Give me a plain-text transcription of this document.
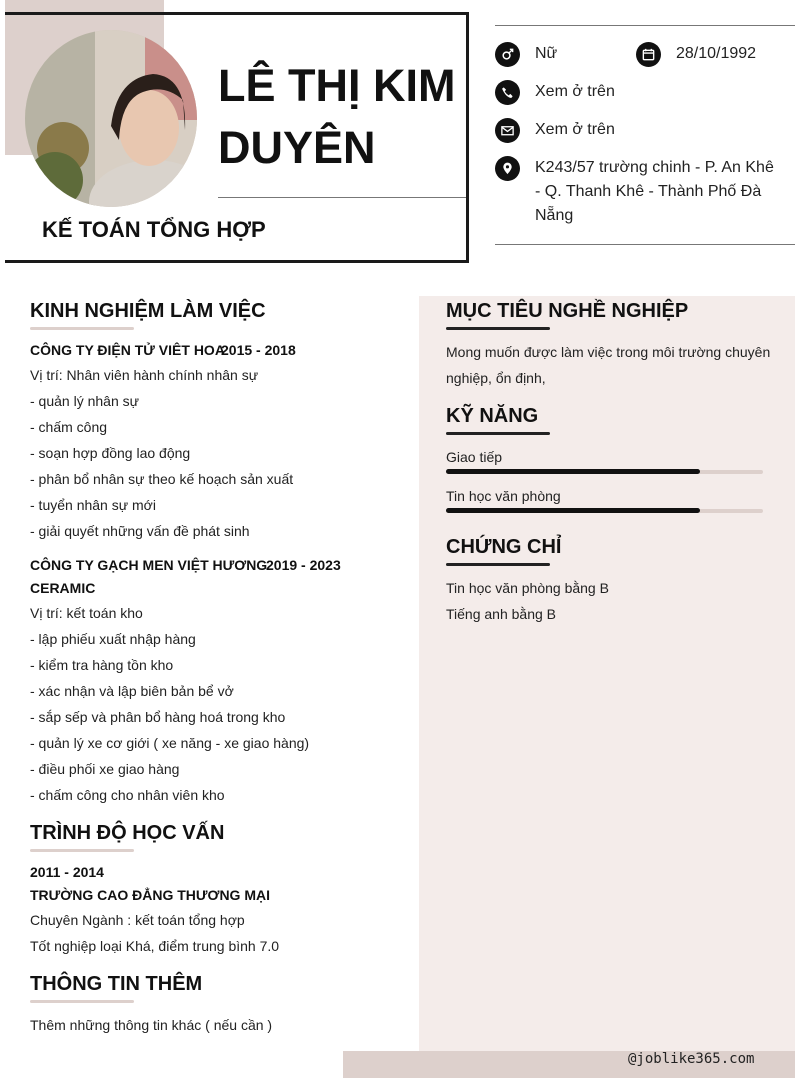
LÊ THỊ KIM DUYÊN
KẾ TOÁN TỔNG HỢP
Nữ	28/10/1992
Xem ở trên
Xem ở trên
K243/57 trường chinh - P. An Khê - Q. Thanh Khê - Thành Phố Đà Nẵng
KINH NGHIỆM LÀM VIỆC
CÔNG TY ĐIỆN TỬ VIÊT HOA
2015 - 2018
Vị trí: Nhân viên hành chính nhân sự
- quản lý nhân sự
- chấm công
- soạn hợp đồng lao động
- phân bổ nhân sự theo kế hoạch sản xuất
- tuyển nhân sự mới
- giải quyết những vấn đề phát sinh
CÔNG TY GẠCH MEN VIỆT HƯƠNG
2019 - 2023
CERAMIC
Vị trí: kết toán kho
- lập phiếu xuất nhập hàng
- kiểm tra hàng tồn kho
- xác nhận và lập biên bản bể vở
- sắp sếp và phân bổ hàng hoá trong kho
- quản lý xe cơ giới ( xe năng - xe giao hàng)
- điều phối xe giao hàng
- chấm công cho nhân viên kho
TRÌNH ĐỘ HỌC VẤN
2011 - 2014
TRƯỜNG CAO ĐẲNG THƯƠNG MẠI
Chuyên Ngành : kết toán tổng hợp
Tốt nghiệp loại Khá, điểm trung bình 7.0
THÔNG TIN THÊM
Thêm những thông tin khác ( nếu cần )
MỤC TIÊU NGHỀ NGHIỆP
Mong muốn được làm việc trong môi trường chuyên
nghiệp, ổn định,
KỸ NĂNG
Giao tiếp
Tin học văn phòng
CHỨNG CHỈ
Tin học văn phòng bằng B
Tiếng anh bằng B
@joblike365.com
